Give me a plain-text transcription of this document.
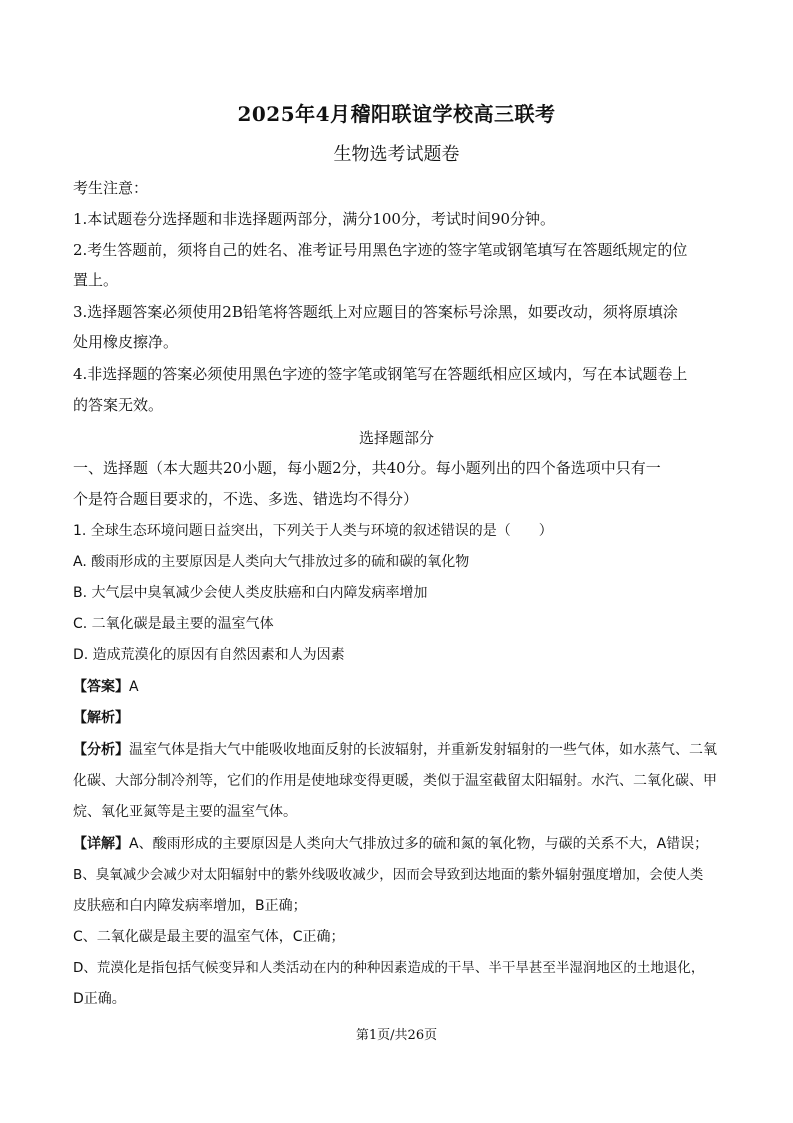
2025年4月稽阳联谊学校高三联考
生物选考试题卷
考生注意：
1.本试题卷分选择题和非选择题两部分，满分100分，考试时间90分钟。
2.考生答题前，须将自己的姓名、准考证号用黑色字迹的签字笔或钢笔填写在答题纸规定的位
置上。
3.选择题答案必须使用2B铅笔将答题纸上对应题目的答案标号涂黑，如要改动，须将原填涂
处用橡皮擦净。
4.非选择题的答案必须使用黑色字迹的签字笔或钢笔写在答题纸相应区域内，写在本试题卷上
的答案无效。
选择题部分
一、选择题（本大题共20小题，每小题2分，共40分。每小题列出的四个备选项中只有一
个是符合题目要求的，不选、多选、错选均不得分）
1. 全球生态环境问题日益突出，下列关于人类与环境的叙述错误的是（　　）
A. 酸雨形成的主要原因是人类向大气排放过多的硫和碳的氧化物
B. 大气层中臭氧减少会使人类皮肤癌和白内障发病率增加
C. 二氧化碳是最主要的温室气体
D. 造成荒漠化的原因有自然因素和人为因素
【答案】A
【解析】
【分析】温室气体是指大气中能吸收地面反射的长波辐射，并重新发射辐射的一些气体，如水蒸气、二氧
化碳、大部分制冷剂等，它们的作用是使地球变得更暖，类似于温室截留太阳辐射。水汽、二氧化碳、甲
烷、氧化亚氮等是主要的温室气体。
【详解】A、酸雨形成的主要原因是人类向大气排放过多的硫和氮的氧化物，与碳的关系不大，A错误；
B、臭氧减少会减少对太阳辐射中的紫外线吸收减少，因而会导致到达地面的紫外辐射强度增加，会使人类
皮肤癌和白内障发病率增加，B正确；
C、二氧化碳是最主要的温室气体，C正确；
D、荒漠化是指包括气候变异和人类活动在内的种种因素造成的干旱、半干旱甚至半湿润地区的土地退化，
D正确。
第1页/共26页
